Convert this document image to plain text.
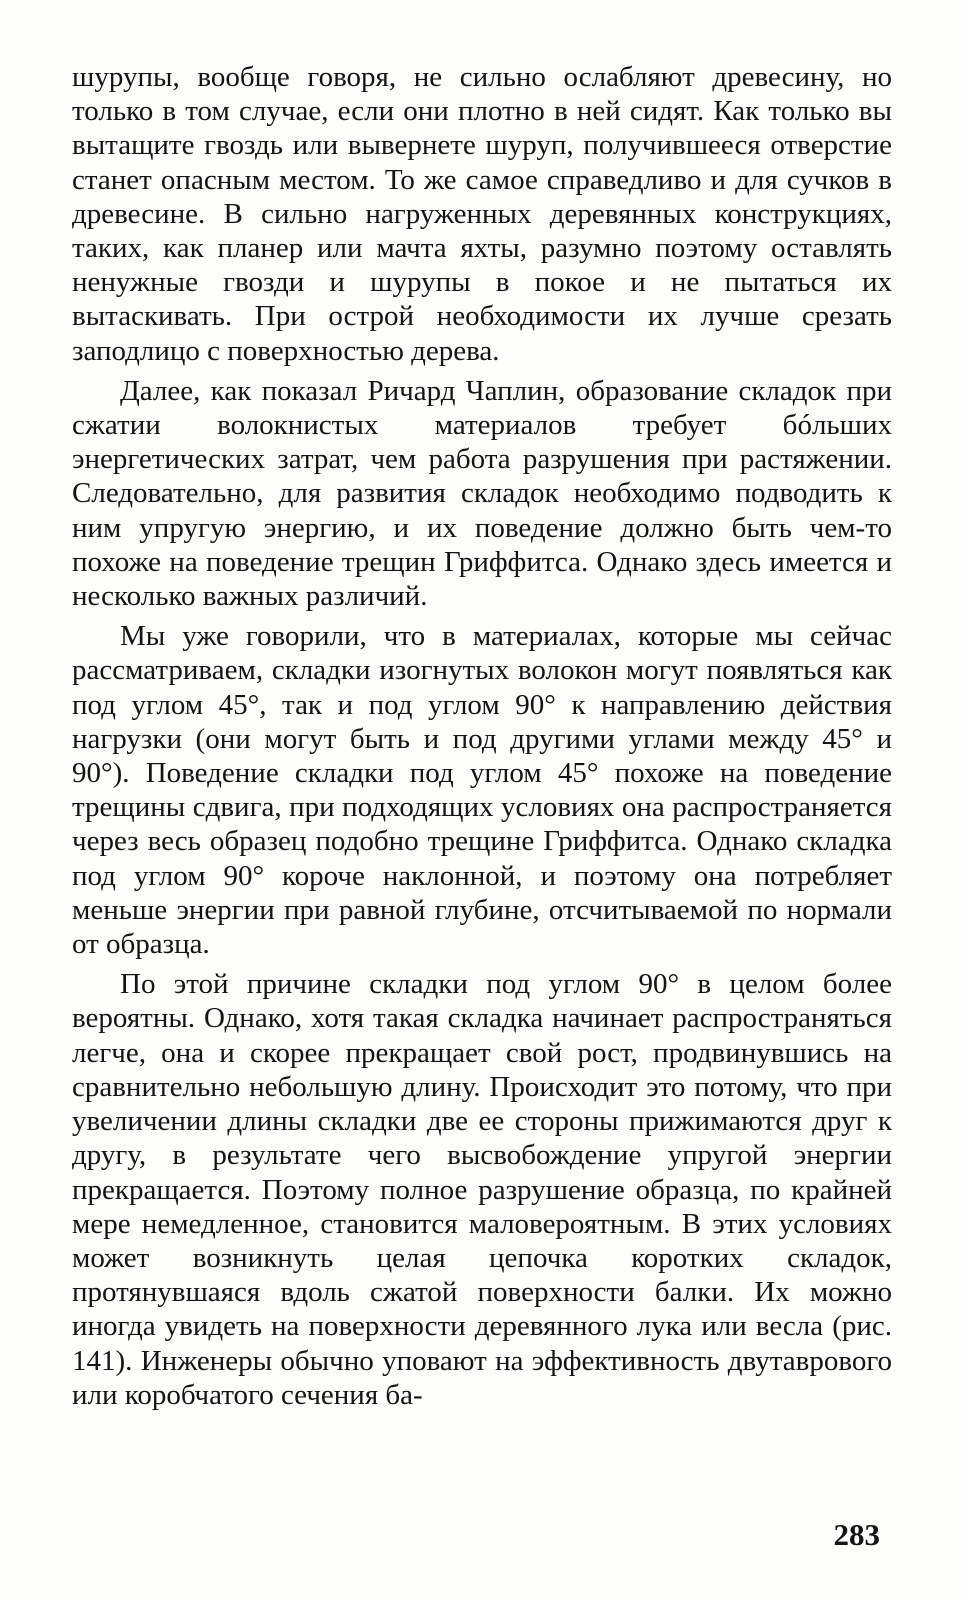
шурупы, вообще говоря, не сильно ослабляют древесину, но только в том случае, если они плотно в ней сидят. Как только вы вытащите гвоздь или вывернете шуруп, получившееся отверстие станет опасным местом. То же самое справедливо и для сучков в древесине. В сильно нагруженных деревянных конструкциях, таких, как планер или мачта яхты, разумно поэтому оставлять ненужные гвозди и шурупы в покое и не пытаться их вытаскивать. При острой необходимости их лучше срезать заподлицо с поверхностью дерева.

Далее, как показал Ричард Чаплин, образование складок при сжатии волокнистых материалов требует бóльших энергетических затрат, чем работа разрушения при растяжении. Следовательно, для развития складок необходимо подводить к ним упругую энергию, и их поведение должно быть чем-то похоже на поведение трещин Гриффитса. Однако здесь имеется и несколько важных различий.

Мы уже говорили, что в материалах, которые мы сейчас рассматриваем, складки изогнутых волокон могут появляться как под углом 45°, так и под углом 90° к направлению действия нагрузки (они могут быть и под другими углами между 45° и 90°). Поведение складки под углом 45° похоже на поведение трещины сдвига, при подходящих условиях она распространяется через весь образец подобно трещине Гриффитса. Однако складка под углом 90° короче наклонной, и поэтому она потребляет меньше энергии при равной глубине, отсчитываемой по нормали от образца.

По этой причине складки под углом 90° в целом более вероятны. Однако, хотя такая складка начинает распространяться легче, она и скорее прекращает свой рост, продвинувшись на сравнительно небольшую длину. Происходит это потому, что при увеличении длины складки две ее стороны прижимаются друг к другу, в результате чего высвобождение упругой энергии прекращается. Поэтому полное разрушение образца, по крайней мере немедленное, становится маловероятным. В этих условиях может возникнуть целая цепочка коротких складок, протянувшаяся вдоль сжатой поверхности балки. Их можно иногда увидеть на поверхности деревянного лука или весла (рис. 141). Инженеры обычно уповают на эффективность двутаврового или коробчатого сечения ба-

283
